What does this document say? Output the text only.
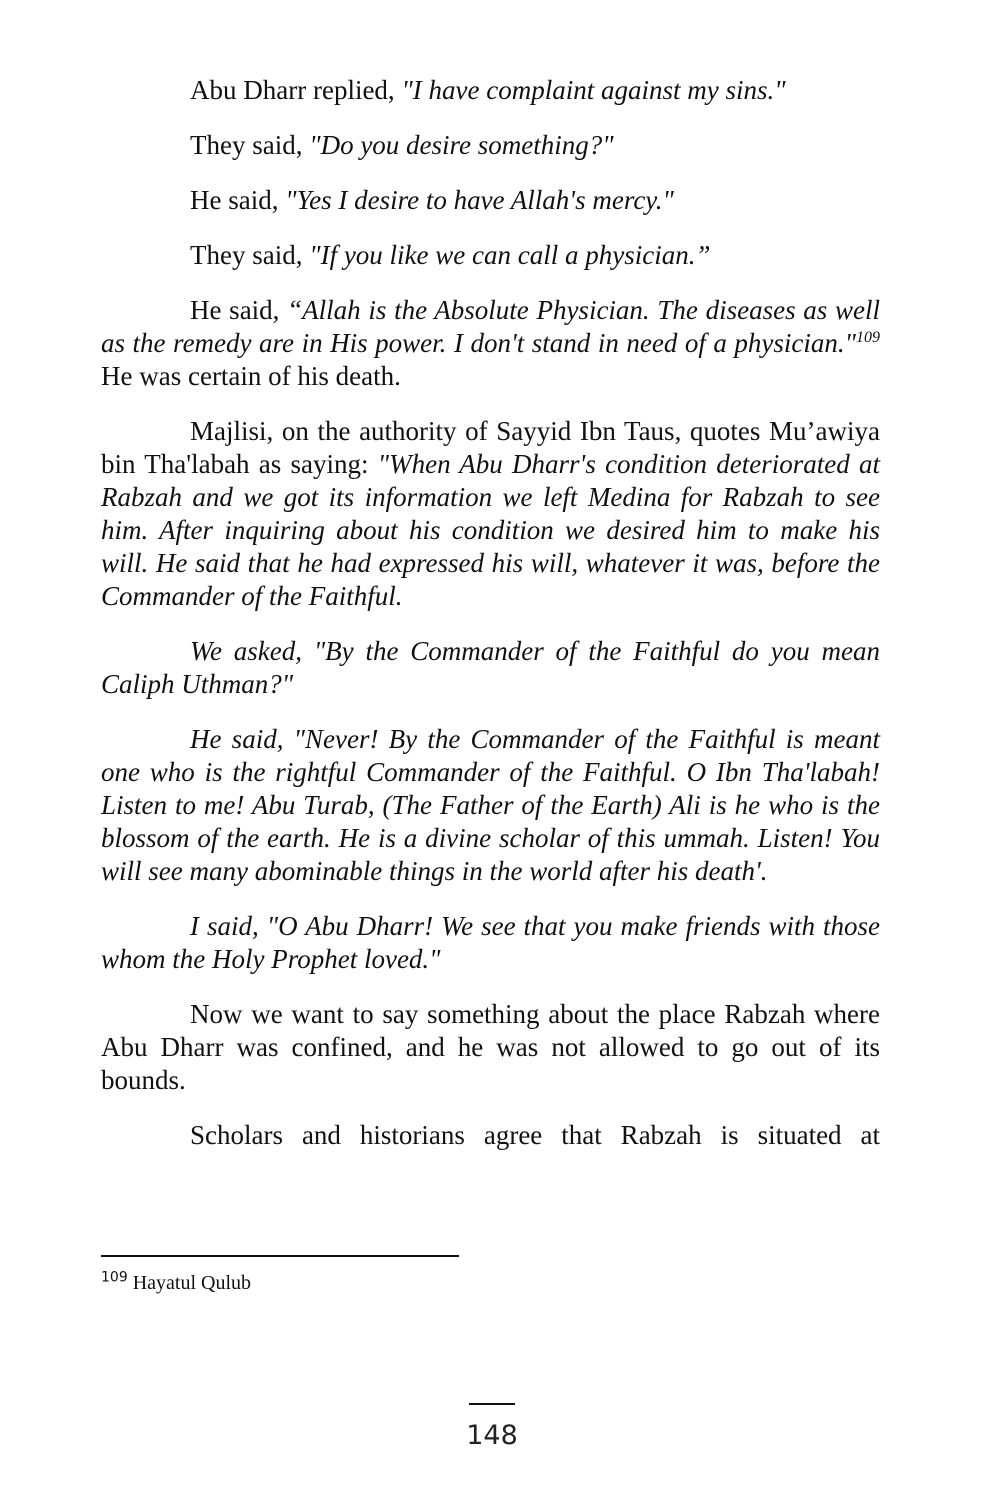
Abu Dharr replied, "I have complaint against my sins."

They said, "Do you desire something?"

He said, "Yes I desire to have Allah's mercy."

They said, "If you like we can call a physician.”

He said, “Allah is the Absolute Physician. The diseases as well as the remedy are in His power. I don't stand in need of a physician."$^{109}$ He was certain of his death.

Majlisi, on the authority of Sayyid Ibn Taus, quotes Mu’awiya bin Tha'labah as saying: "When Abu Dharr's condition deteriorated at Rabzah and we got its information we left Medina for Rabzah to see him. After inquiring about his condition we desired him to make his will. He said that he had expressed his will, whatever it was, before the Commander of the Faithful.

We asked, "By the Commander of the Faithful do you mean Caliph Uthman?"

He said, "Never! By the Commander of the Faithful is meant one who is the rightful Commander of the Faithful. O Ibn Tha'labah! Listen to me! Abu Turab, (The Father of the Earth) Ali is he who is the blossom of the earth. He is a divine scholar of this ummah. Listen! You will see many abominable things in the world after his death'.

I said, "O Abu Dharr! We see that you make friends with those whom the Holy Prophet loved."

Now we want to say something about the place Rabzah where Abu Dharr was confined, and he was not allowed to go out of its bounds.

Scholars and historians agree that Rabzah is situated at

$^{109}$ Hayatul Qulub
148
